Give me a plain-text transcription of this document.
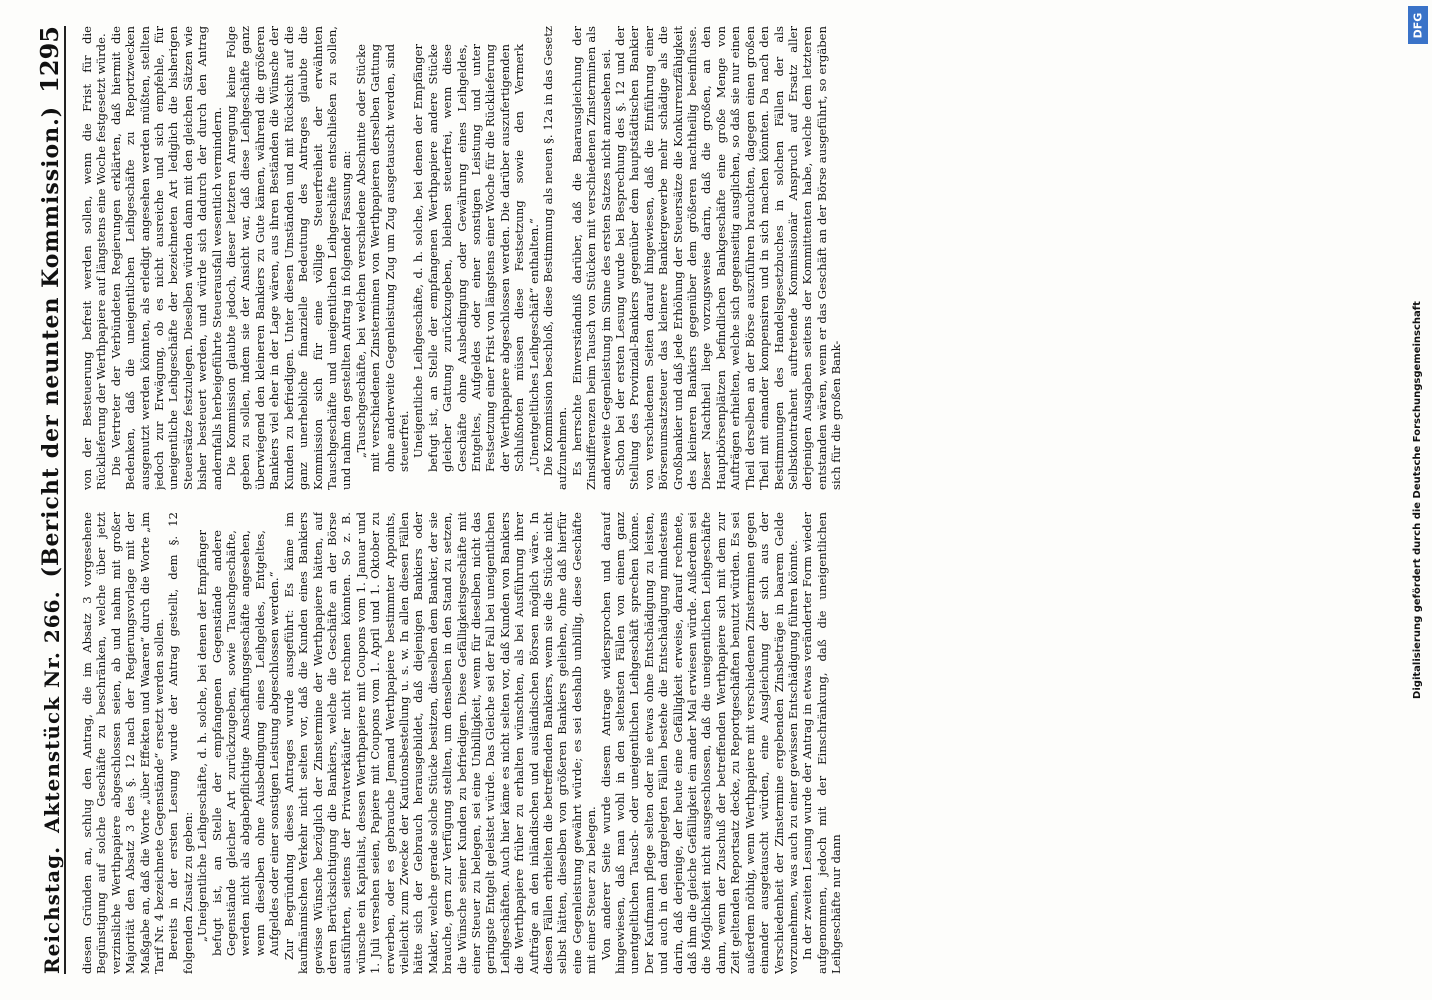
Reichstag.
Aktenstück Nr. 266.
(Bericht der neunten Kommission.)
1295

diesen Gründen an, schlug den Antrag, die im Absatz 3 vorgesehene Begünstigung auf solche Geschäfte zu beschränken, welche über jetzt verzinsliche Werthpapiere abgeschlossen seien, ab und nahm mit großer Majorität den Absatz 3 des §. 12 nach der Regierungsvorlage mit der Maßgabe an, daß die Worte „über Effekten und Waaren“ durch die Worte „im Tarif Nr. 4 bezeichnete Gegenstände“ ersetzt werden sollen. Bereits in der ersten Lesung wurde der Antrag gestellt, dem §. 12 folgenden Zusatz zu geben: „Uneigentliche Leihgeschäfte, d. h. solche, bei denen der Empfänger befugt ist, an Stelle der empfangenen Gegenstände andere Gegenstände gleicher Art zurückzugeben, sowie Tauschgeschäfte, werden nicht als abgabepflichtige Anschaffungsgeschäfte angesehen, wenn dieselben ohne Ausbedingung eines Leihgeldes, Entgeltes, Aufgeldes oder einer sonstigen Leistung abgeschlossen werden.“ Zur Begründung dieses Antrages wurde ausgeführt: Es käme im kaufmännischen Verkehr nicht selten vor, daß die Kunden eines Bankiers gewisse Wünsche bezüglich der Zinstermine der Werthpapiere hätten, auf deren Berücksichtigung die Bankiers, welche die Geschäfte an der Börse ausführten, seitens der Privatverkäufer nicht rechnen könnten. So z. B. wünsche ein Kapitalist, dessen Werthpapiere mit Coupons vom 1. Januar und 1. Juli versehen seien, Papiere mit Coupons vom 1. April und 1. Oktober zu erwerben, oder es gebrauche Jemand Werthpapiere bestimmter Appoints, vielleicht zum Zwecke der Kautionsbestellung u. s. w. In allen diesen Fällen hätte sich der Gebrauch herausgebildet, daß diejenigen Bankiers oder Makler, welche gerade solche Stücke besitzen, dieselben dem Bankier, der sie brauche, gern zur Verfügung stellten, um denselben in den Stand zu setzen, die Wünsche seiner Kunden zu befriedigen. Diese Gefälligkeitsgeschäfte mit einer Steuer zu belegen, sei eine Unbilligkeit, wenn für dieselben nicht das geringste Entgelt geleistet würde. Das Gleiche sei der Fall bei uneigentlichen Leihgeschäften. Auch hier käme es nicht selten vor, daß Kunden von Bankiers die Werthpapiere früher zu erhalten wünschten, als bei Ausführung ihrer Aufträge an den inländischen und ausländischen Börsen möglich wäre. In diesen Fällen erhielten die betreffenden Bankiers, wenn sie die Stücke nicht selbst hätten, dieselben von größeren Bankiers geliehen, ohne daß hierfür eine Gegenleistung gewährt würde; es sei deshalb unbillig, diese Geschäfte mit einer Steuer zu belegen. Von anderer Seite wurde diesem Antrage widersprochen und darauf hingewiesen, daß man wohl in den seltensten Fällen von einem ganz unentgeltlichen Tausch- oder uneigentlichen Leihgeschäft sprechen könne. Der Kaufmann pflege selten oder nie etwas ohne Entschädigung zu leisten, und auch in den dargelegten Fällen bestehe die Entschädigung mindestens darin, daß derjenige, der heute eine Gefälligkeit erweise, darauf rechnete, daß ihm die gleiche Gefälligkeit ein ander Mal erwiesen würde. Außerdem sei die Möglichkeit nicht ausgeschlossen, daß die uneigentlichen Leihgeschäfte dann, wenn der Zuschuß der betreffenden Werthpapiere sich mit dem zur Zeit geltenden Reportsatz decke, zu Reportgeschäften benutzt würden. Es sei außerdem nöthig, wenn Werthpapiere mit verschiedenen Zinsterminen gegen einander ausgetauscht würden, eine Ausgleichung der sich aus der Verschiedenheit der Zinstermine ergebenden Zinsbeträge in baarem Gelde vorzunehmen, was auch zu einer gewissen Entschädigung führen könnte. In der zweiten Lesung wurde der Antrag in etwas veränderter Form wieder aufgenommen, jedoch mit der Einschränkung, daß die uneigentlichen Leihgeschäfte nur dann

von der Besteuerung befreit werden sollen, wenn die Frist für die Rücklieferung der Werthpapiere auf längstens eine Woche festgesetzt würde. Die Vertreter der Verbündeten Regierungen erklärten, daß hiermit die Bedenken, daß die uneigentlichen Leihgeschäfte zu Reportzwecken ausgenutzt werden könnten, als erledigt angesehen werden müßten, stellten jedoch zur Erwägung, ob es nicht ausreiche und sich empfehle, für uneigentliche Leihgeschäfte der bezeichneten Art lediglich die bisherigen Steuersätze festzulegen. Dieselben würden dann mit den gleichen Sätzen wie bisher besteuert werden, und würde sich dadurch der durch den Antrag andernfalls herbeigeführte Steuerausfall wesentlich vermindern. Die Kommission glaubte jedoch, dieser letzteren Anregung keine Folge geben zu sollen, indem sie der Ansicht war, daß diese Leihgeschäfte ganz überwiegend den kleineren Bankiers zu Gute kämen, während die größeren Bankiers viel eher in der Lage wären, aus ihren Beständen die Wünsche der Kunden zu befriedigen. Unter diesen Umständen und mit Rücksicht auf die ganz unerhebliche finanzielle Bedeutung des Antrages glaubte die Kommission sich für eine völlige Steuerfreiheit der erwähnten Tauschgeschäfte und uneigentlichen Leihgeschäfte entschließen zu sollen, und nahm den gestellten Antrag in folgender Fassung an: „Tauschgeschäfte, bei welchen verschiedene Abschnitte oder Stücke mit verschiedenen Zinsterminen von Werthpapieren derselben Gattung ohne anderweite Gegenleistung Zug um Zug ausgetauscht werden, sind steuerfrei. Uneigentliche Leihgeschäfte, d. h. solche, bei denen der Empfänger befugt ist, an Stelle der empfangenen Werthpapiere andere Stücke gleicher Gattung zurückzugeben, bleiben steuerfrei, wenn diese Geschäfte ohne Ausbedingung oder Gewährung eines Leihgeldes, Entgeltes, Aufgeldes oder einer sonstigen Leistung und unter Festsetzung einer Frist von längstens einer Woche für die Rücklieferung der Werthpapiere abgeschlossen werden. Die darüber auszufertigenden Schlußnoten müssen diese Festsetzung sowie den Vermerk „Unentgeltliches Leihgeschäft“ enthalten.“ Die Kommission beschloß, diese Bestimmung als neuen §. 12a in das Gesetz aufzunehmen. Es herrschte Einverständniß darüber, daß die Baarausgleichung der Zinsdifferenzen beim Tausch von Stücken mit verschiedenen Zinsterminen als anderweite Gegenleistung im Sinne des ersten Satzes nicht anzusehen sei. Schon bei der ersten Lesung wurde bei Besprechung des §. 12 und der Stellung des Provinzial-Bankiers gegenüber dem hauptstädtischen Bankier von verschiedenen Seiten darauf hingewiesen, daß die Einführung einer Börsenumsatzsteuer das kleinere Bankiergewerbe mehr schädige als die Großbankier und daß jede Erhöhung der Steuersätze die Konkurrenzfähigkeit des kleineren Bankiers gegenüber dem größeren nachtheilig beeinflusse. Dieser Nachtheil liege vorzugsweise darin, daß die großen, an den Hauptbörsenplätzen befindlichen Bankgeschäfte eine große Menge von Aufträgen erhielten, welche sich gegenseitig ausglichen, so daß sie nur einen Theil derselben an der Börse auszuführen brauchten, dagegen einen großen Theil mit einander kompensiren und in sich machen könnten. Da nach den Bestimmungen des Handelsgesetzbuches in solchen Fällen der als Selbstkontrahent auftretende Kommissionär Anspruch auf Ersatz aller derjenigen Ausgaben seitens der Kommittenten habe, welche dem letzteren entstanden wären, wenn er das Geschäft an der Börse ausgeführt, so ergäben sich für die großen Bank-

DFG
Digitalisierung gefördert durch die Deutsche Forschungsgemeinschaft
